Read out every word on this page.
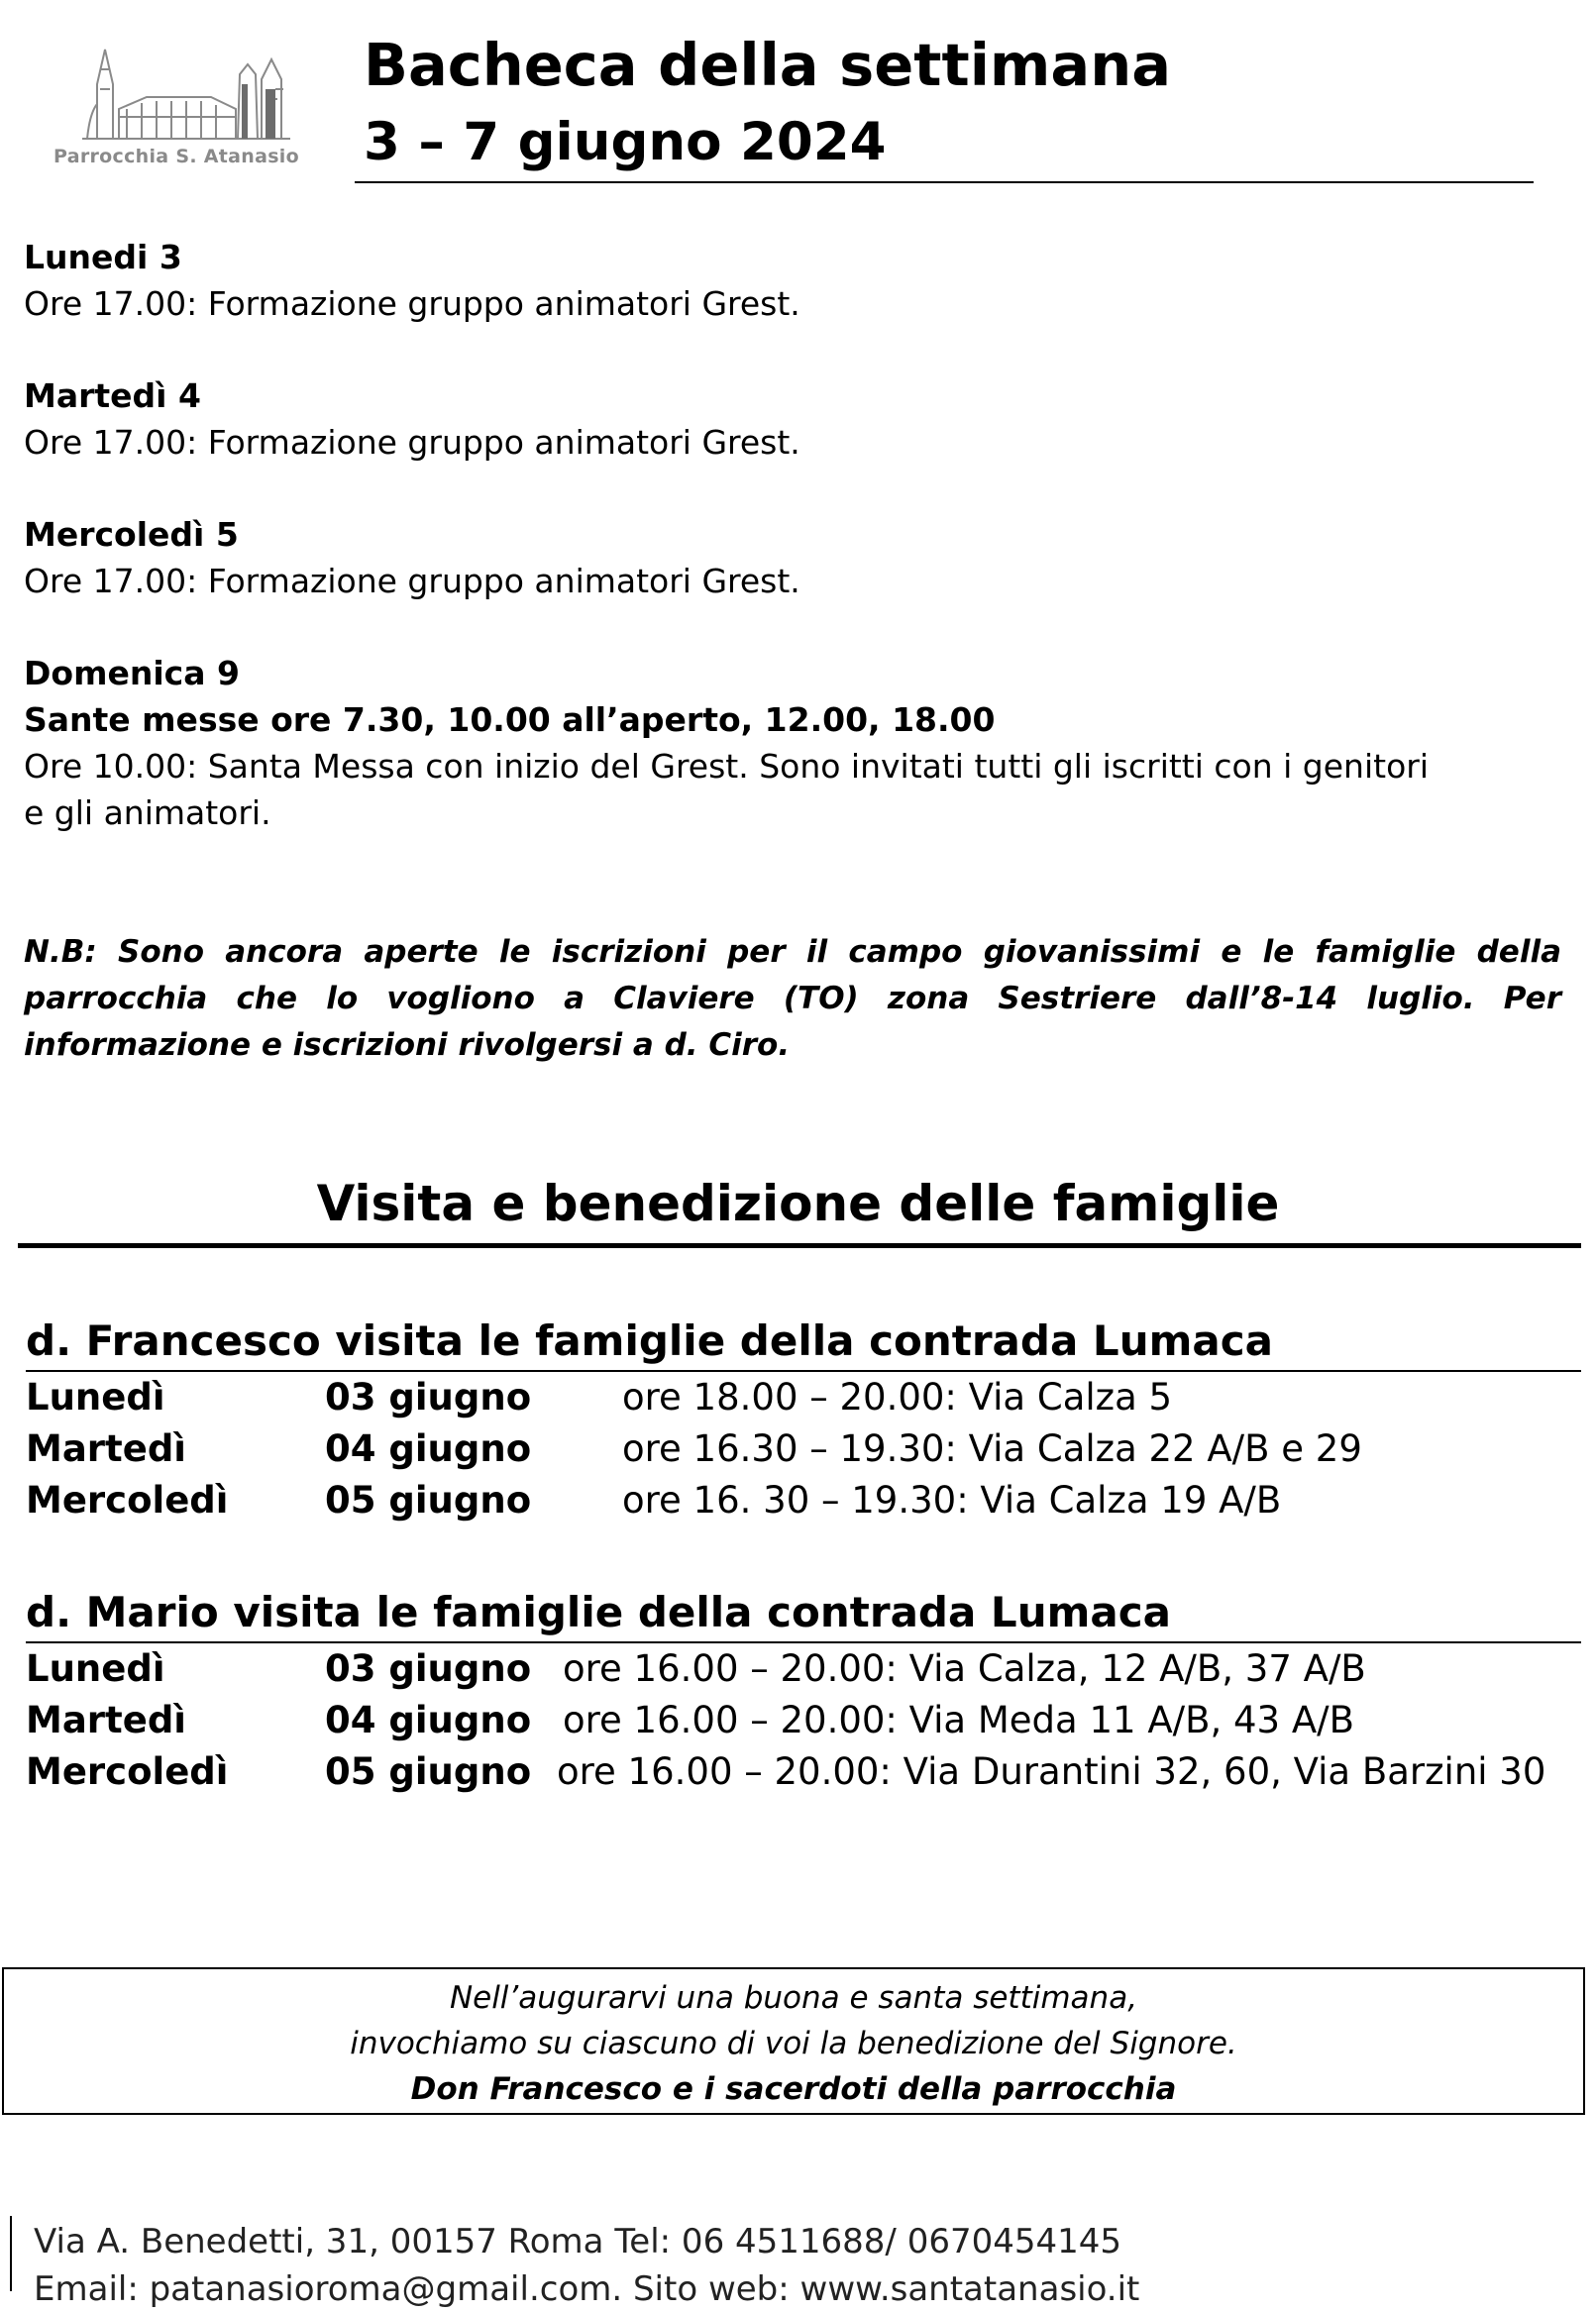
Parrocchia S. Atanasio
Bacheca della settimana
3 – 7 giugno 2024
Lunedi 3
Ore 17.00: Formazione gruppo animatori Grest.
Martedì 4
Ore 17.00: Formazione gruppo animatori Grest.
Mercoledì 5
Ore 17.00: Formazione gruppo animatori Grest.
Domenica 9
Sante messe ore 7.30, 10.00 all’aperto, 12.00, 18.00
Ore 10.00: Santa Messa con inizio del Grest. Sono invitati tutti gli iscritti con i genitori
e gli animatori.
N.B: Sono ancora aperte le iscrizioni per il campo giovanissimi e le famiglie della parrocchia che lo vogliono a Claviere (TO) zona Sestriere dall’8-14 luglio. Per informazione e iscrizioni rivolgersi a d. Ciro.
Visita e benedizione delle famiglie
d. Francesco visita le famiglie della contrada Lumaca
Lunedì	03 giugno ore 18.00 – 20.00: Via Calza 5
Martedì	04 giugno ore 16.30 – 19.30: Via Calza 22 A/B e 29
Mercoledì	05 giugno ore 16. 30 – 19.30: Via Calza 19 A/B
d. Mario visita le famiglie della contrada Lumaca
Lunedì	03 giugno ore 16.00 – 20.00: Via Calza, 12 A/B, 37 A/B
Martedì	04 giugno ore 16.00 – 20.00: Via Meda 11 A/B, 43 A/B
Mercoledì	05 giugno ore 16.00 – 20.00: Via Durantini 32, 60, Via Barzini 30
Nell’augurarvi una buona e santa settimana,
invochiamo su ciascuno di voi la benedizione del Signore.
Don Francesco e i sacerdoti della parrocchia
Via A. Benedetti, 31, 00157 Roma Tel: 06 4511688/ 0670454145
Email: patanasioroma@gmail.com. Sito web: www.santatanasio.it
